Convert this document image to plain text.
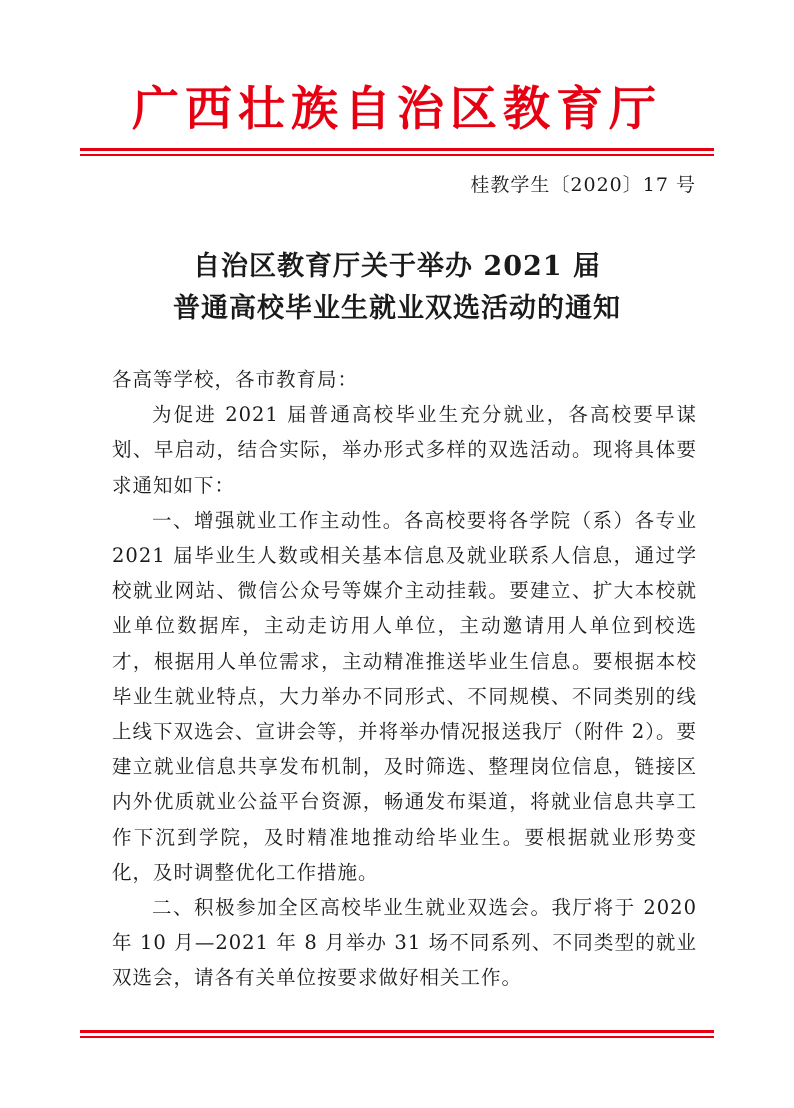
广西壮族自治区教育厅
桂教学生〔2020〕17 号
自治区教育厅关于举办 2021 届
普通高校毕业生就业双选活动的通知

各高等学校，各市教育局：

为促进 2021 届普通高校毕业生充分就业，各高校要早谋划、早启动，结合实际，举办形式多样的双选活动。现将具体要求通知如下：

一、增强就业工作主动性。各高校要将各学院（系）各专业 2021 届毕业生人数或相关基本信息及就业联系人信息，通过学校就业网站、微信公众号等媒介主动挂载。要建立、扩大本校就业单位数据库，主动走访用人单位，主动邀请用人单位到校选才，根据用人单位需求，主动精准推送毕业生信息。要根据本校毕业生就业特点，大力举办不同形式、不同规模、不同类别的线上线下双选会、宣讲会等，并将举办情况报送我厅（附件 2）。要建立就业信息共享发布机制，及时筛选、整理岗位信息，链接区内外优质就业公益平台资源，畅通发布渠道，将就业信息共享工作下沉到学院，及时精准地推动给毕业生。要根据就业形势变化，及时调整优化工作措施。

二、积极参加全区高校毕业生就业双选会。我厅将于 2020 年 10 月—2021 年 8 月举办 31 场不同系列、不同类型的就业双选会，请各有关单位按要求做好相关工作。
